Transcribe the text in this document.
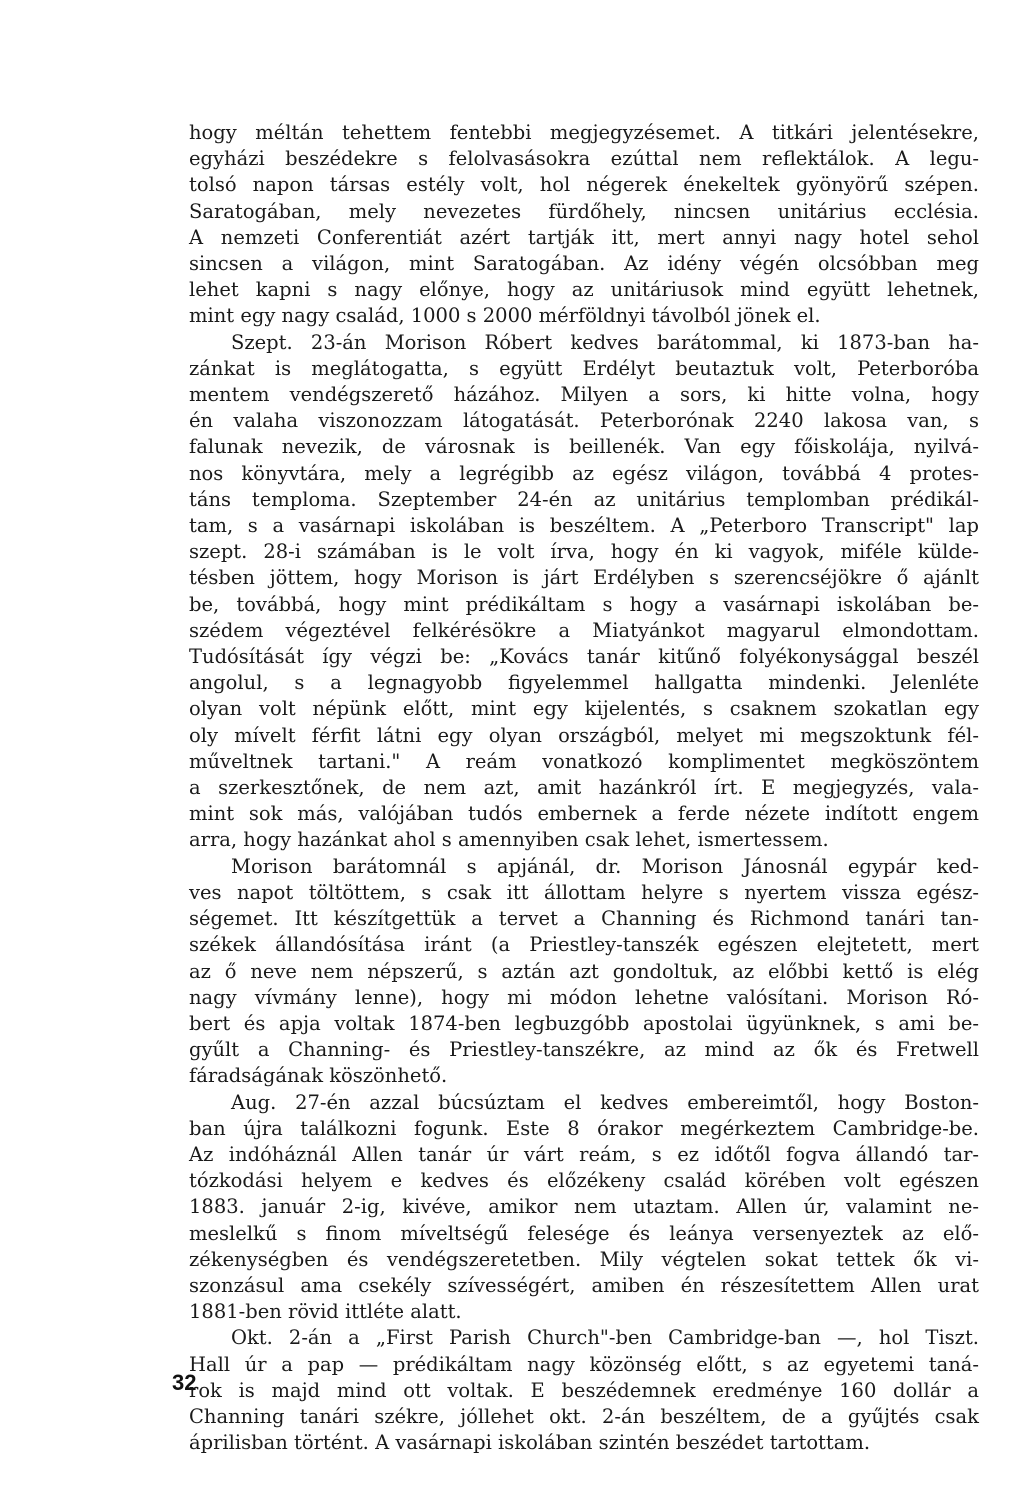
hogy méltán tehettem fentebbi megjegyzésemet. A titkári jelentésekre,
egyházi beszédekre s felolvasásokra ezúttal nem reflektálok. A legu-
tolsó napon társas estély volt, hol négerek énekeltek gyönyörű szépen.
Saratogában, mely nevezetes fürdőhely, nincsen unitárius ecclésia.
A nemzeti Conferentiát azért tartják itt, mert annyi nagy hotel sehol
sincsen a világon, mint Saratogában. Az idény végén olcsóbban meg
lehet kapni s nagy előnye, hogy az unitáriusok mind együtt lehetnek,
mint egy nagy család, 1000 s 2000 mérföldnyi távolból jönek el.
Szept. 23-án Morison Róbert kedves barátommal, ki 1873-ban ha-
zánkat is meglátogatta, s együtt Erdélyt beutaztuk volt, Peterboróba
mentem vendégszerető házához. Milyen a sors, ki hitte volna, hogy
én valaha viszonozzam látogatását. Peterborónak 2240 lakosa van, s
falunak nevezik, de városnak is beillenék. Van egy főiskolája, nyilvá-
nos könyvtára, mely a legrégibb az egész világon, továbbá 4 protes-
táns temploma. Szeptember 24-én az unitárius templomban prédikál-
tam, s a vasárnapi iskolában is beszéltem. A „Peterboro Transcript" lap
szept. 28-i számában is le volt írva, hogy én ki vagyok, miféle külde-
tésben jöttem, hogy Morison is járt Erdélyben s szerencséjökre ő ajánlt
be, továbbá, hogy mint prédikáltam s hogy a vasárnapi iskolában be-
szédem végeztével felkérésökre a Miatyánkot magyarul elmondottam.
Tudósítását így végzi be: „Kovács tanár kitűnő folyékonysággal beszél
angolul, s a legnagyobb figyelemmel hallgatta mindenki. Jelenléte
olyan volt népünk előtt, mint egy kijelentés, s csaknem szokatlan egy
oly mívelt férfit látni egy olyan országból, melyet mi megszoktunk fél-
műveltnek tartani." A reám vonatkozó komplimentet megköszöntem
a szerkesztőnek, de nem azt, amit hazánkról írt. E megjegyzés, vala-
mint sok más, valójában tudós embernek a ferde nézete indított engem
arra, hogy hazánkat ahol s amennyiben csak lehet, ismertessem.
Morison barátomnál s apjánál, dr. Morison Jánosnál egypár ked-
ves napot töltöttem, s csak itt állottam helyre s nyertem vissza egész-
ségemet. Itt készítgettük a tervet a Channing és Richmond tanári tan-
székek állandósítása iránt (a Priestley-tanszék egészen elejtetett, mert
az ő neve nem népszerű, s aztán azt gondoltuk, az előbbi kettő is elég
nagy vívmány lenne), hogy mi módon lehetne valósítani. Morison Ró-
bert és apja voltak 1874-ben legbuzgóbb apostolai ügyünknek, s ami be-
gyűlt a Channing- és Priestley-tanszékre, az mind az ők és Fretwell
fáradságának köszönhető.
Aug. 27-én azzal búcsúztam el kedves embereimtől, hogy Boston-
ban újra találkozni fogunk. Este 8 órakor megérkeztem Cambridge-be.
Az indóháznál Allen tanár úr várt reám, s ez időtől fogva állandó tar-
tózkodási helyem e kedves és előzékeny család körében volt egészen
1883. január 2-ig, kivéve, amikor nem utaztam. Allen úr, valamint ne-
meslelkű s finom míveltségű felesége és leánya versenyeztek az elő-
zékenységben és vendégszeretetben. Mily végtelen sokat tettek ők vi-
szonzásul ama csekély szívességért, amiben én részesítettem Allen urat
1881-ben rövid ittléte alatt.
Okt. 2-án a „First Parish Church"-ben Cambridge-ban —, hol Tiszt.
Hall úr a pap — prédikáltam nagy közönség előtt, s az egyetemi taná-
rok is majd mind ott voltak. E beszédemnek eredménye 160 dollár a
Channing tanári székre, jóllehet okt. 2-án beszéltem, de a gyűjtés csak
áprilisban történt. A vasárnapi iskolában szintén beszédet tartottam.
32
